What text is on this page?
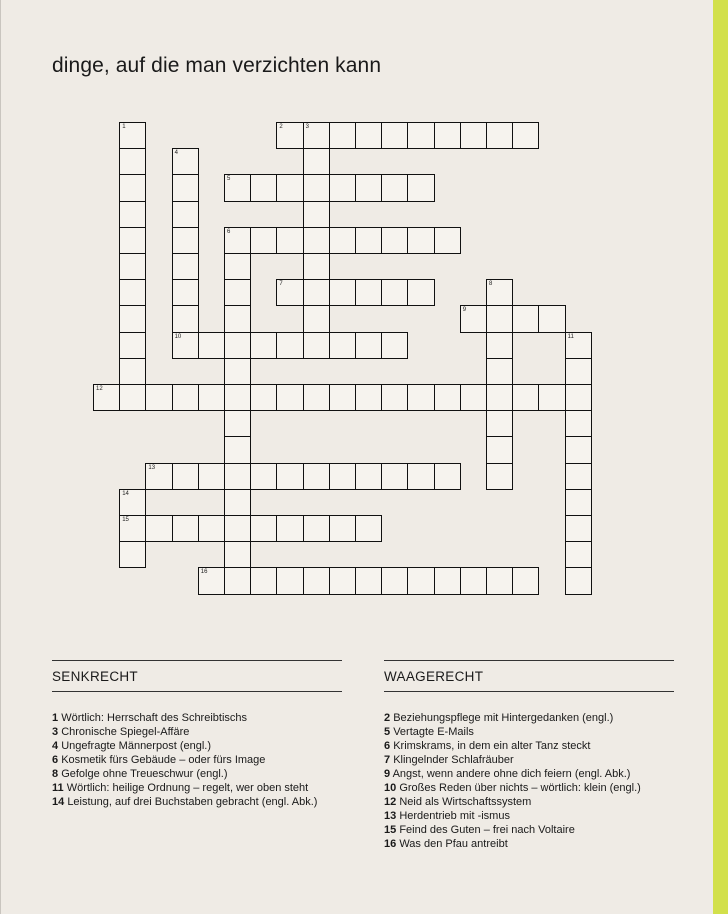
dinge, auf die man verzichten kann
1	2	3
4
5
6
7	8
9
10	11
12
13
14
15
16
SENKRECHT
1 Wörtlich: Herrschaft des Schreibtischs
3 Chronische Spiegel-Affäre
4 Ungefragte Männerpost (engl.)
6 Kosmetik fürs Gebäude – oder fürs Image
8 Gefolge ohne Treueschwur (engl.)
11 Wörtlich: heilige Ordnung – regelt, wer oben steht
14 Leistung, auf drei Buchstaben gebracht (engl. Abk.)
WAAGERECHT
2 Beziehungspflege mit Hintergedanken (engl.)
5 Vertagte E-Mails
6 Krimskrams, in dem ein alter Tanz steckt
7 Klingelnder Schlafräuber
9 Angst, wenn andere ohne dich feiern (engl. Abk.)
10 Großes Reden über nichts – wörtlich: klein (engl.)
12 Neid als Wirtschaftssystem
13 Herdentrieb mit -ismus
15 Feind des Guten – frei nach Voltaire
16 Was den Pfau antreibt
